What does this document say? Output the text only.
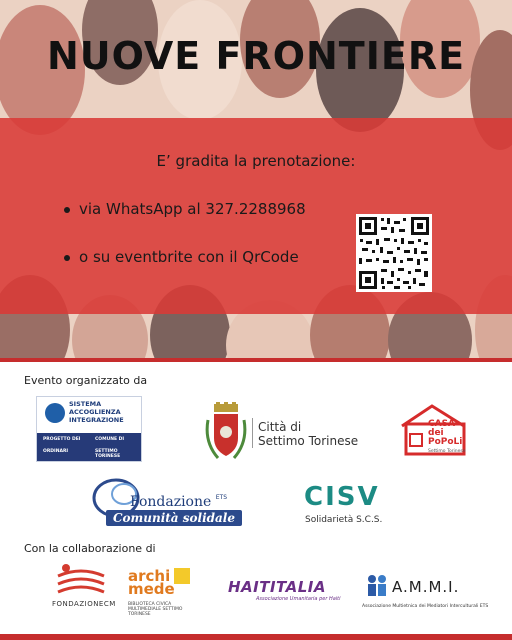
NUOVE FRONTIERE
E’ gradita la prenotazione:
via WhatsApp al 327.2288968
o su eventbrite con il QrCode
Evento organizzato da
SISTEMA
ACCOGLIENZA
INTEGRAZIONE
PROGETTO DEI
ORDINARI
COMUNE DI
SETTIMO TORINESE
Città di
Settimo Torinese
CASA dei
PoPoLi
Settimo Torinese
Fondazione $^{ETS}$
Comunità solidale
CISV
Solidarietà S.C.S.
Con la collaborazione di
FONDAZIONECM
archi
mede
BIBLIOTECA CIVICA MULTIMEDIALE SETTIMO TORINESE
HAITITALIA
Associazione Umanitaria per Haiti
A.M.M.I.
Associazione Multietnica dei Mediatori Interculturali ETS
